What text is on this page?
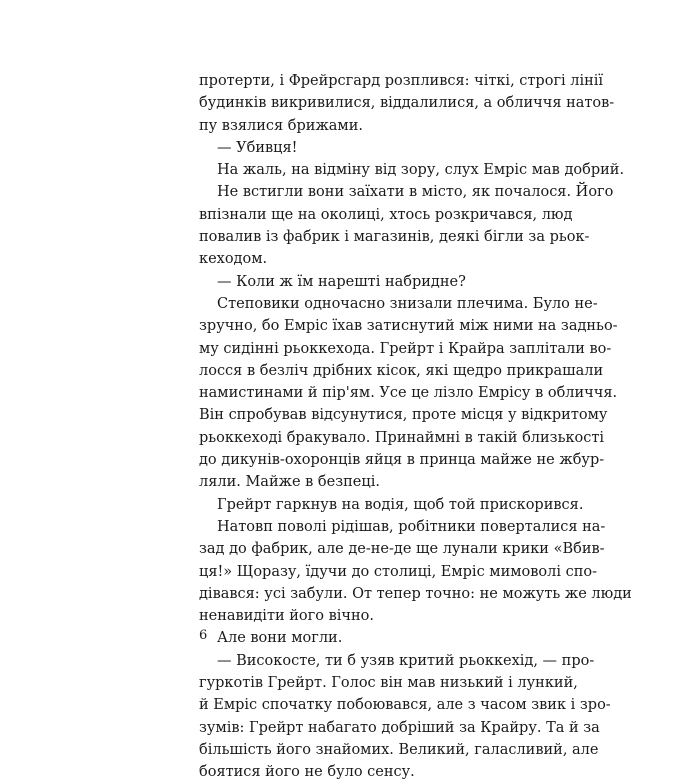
протерти, і Фрейрсгард розплився: чіткі, строгі лінії
будинків викривилися, віддалилися, а обличчя натов-
пу взялися брижами.
— Убивця!
На жаль, на відміну від зору, слух Емріс мав добрий.
Не встигли вони заїхати в місто, як почалося. Його
впізнали ще на околиці, хтось розкричався, люд
повалив із фабрик і магазинів, деякі бігли за рьок-
кеходом.
— Коли ж їм нарешті набридне?
Степовики одночасно знизали плечима. Було не-
зручно, бо Емріс їхав затиснутий між ними на задньо-
му сидінні рьоккехода. Грейрт і Крайра заплітали во-
лосся в безліч дрібних кісок, які щедро прикрашали
намистинами й пір'ям. Усе це лізло Емрісу в обличчя.
Він спробував відсунутися, проте місця у відкритому
рьоккеході бракувало. Принаймні в такій близькості
до дикунів-охоронців яйця в принца майже не жбур-
ляли. Майже в безпеці.
Грейрт гаркнув на водія, щоб той прискорився.
Натовп поволі рідішав, робітники поверталися на-
зад до фабрик, але де-не-де ще лунали крики «Вбив-
ця!» Щоразу, їдучи до столиці, Емріс мимоволі спо-
дівався: усі забули. От тепер точно: не можуть же люди
ненавидіти його вічно.
Але вони могли.
— Високосте, ти б узяв критий рьоккехід, — про-
гуркотів Грейрт. Голос він мав низький і лункий,
й Емріс спочатку побоювався, але з часом звик і зро-
зумів: Грейрт набагато добріший за Крайру. Та й за
більшість його знайомих. Великий, галасливий, але
боятися його не було сенсу.
6
